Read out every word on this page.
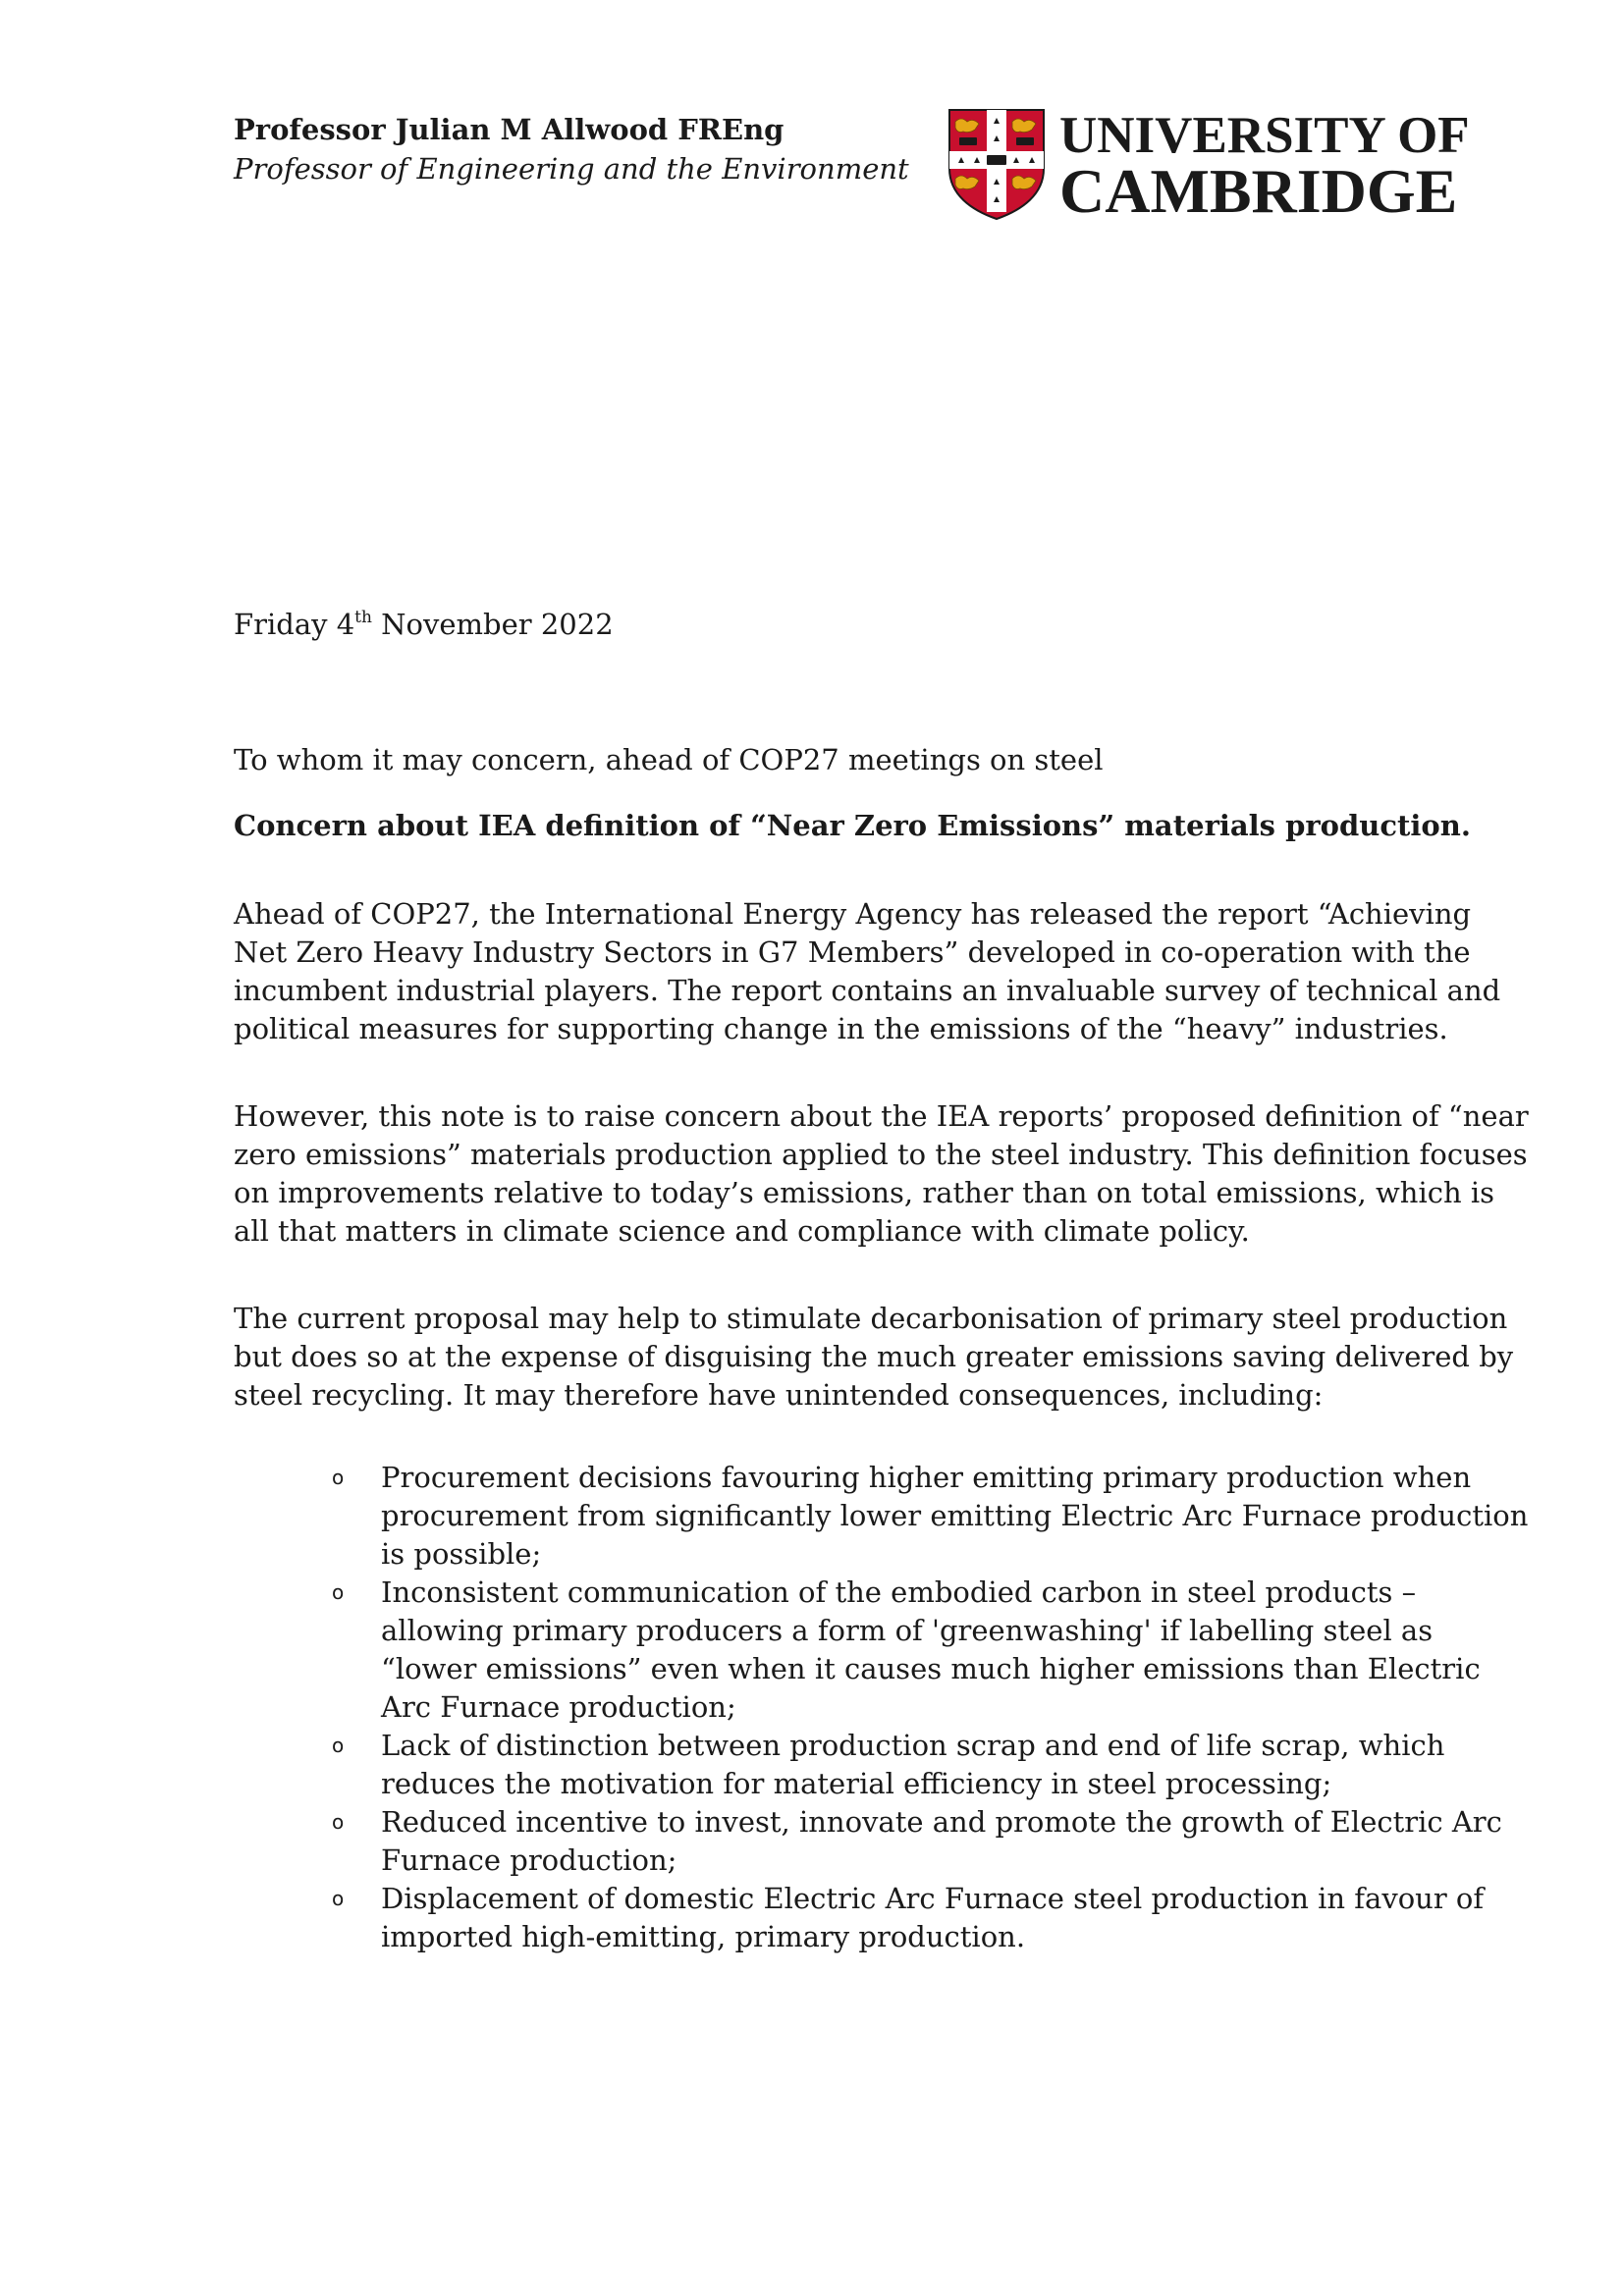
Professor Julian M Allwood FREng
Professor of Engineering and the Environment
UNIVERSITY OF
CAMBRIDGE

Friday 4th November 2022

To whom it may concern, ahead of COP27 meetings on steel

Concern about IEA definition of “Near Zero Emissions” materials production.

Ahead of COP27, the International Energy Agency has released the report “Achieving Net Zero Heavy Industry Sectors in G7 Members” developed in co-operation with the incumbent industrial players. The report contains an invaluable survey of technical and political measures for supporting change in the emissions of the “heavy” industries.

However, this note is to raise concern about the IEA reports’ proposed definition of “near zero emissions” materials production applied to the steel industry. This definition focuses on improvements relative to today’s emissions, rather than on total emissions, which is all that matters in climate science and compliance with climate policy.

The current proposal may help to stimulate decarbonisation of primary steel production but does so at the expense of disguising the much greater emissions saving delivered by steel recycling. It may therefore have unintended consequences, including:

o Procurement decisions favouring higher emitting primary production when procurement from significantly lower emitting Electric Arc Furnace production is possible;
o Inconsistent communication of the embodied carbon in steel products – allowing primary producers a form of 'greenwashing' if labelling steel as “lower emissions” even when it causes much higher emissions than Electric Arc Furnace production;
o Lack of distinction between production scrap and end of life scrap, which reduces the motivation for material efficiency in steel processing;
o Reduced incentive to invest, innovate and promote the growth of Electric Arc Furnace production;
o Displacement of domestic Electric Arc Furnace steel production in favour of imported high-emitting, primary production.
